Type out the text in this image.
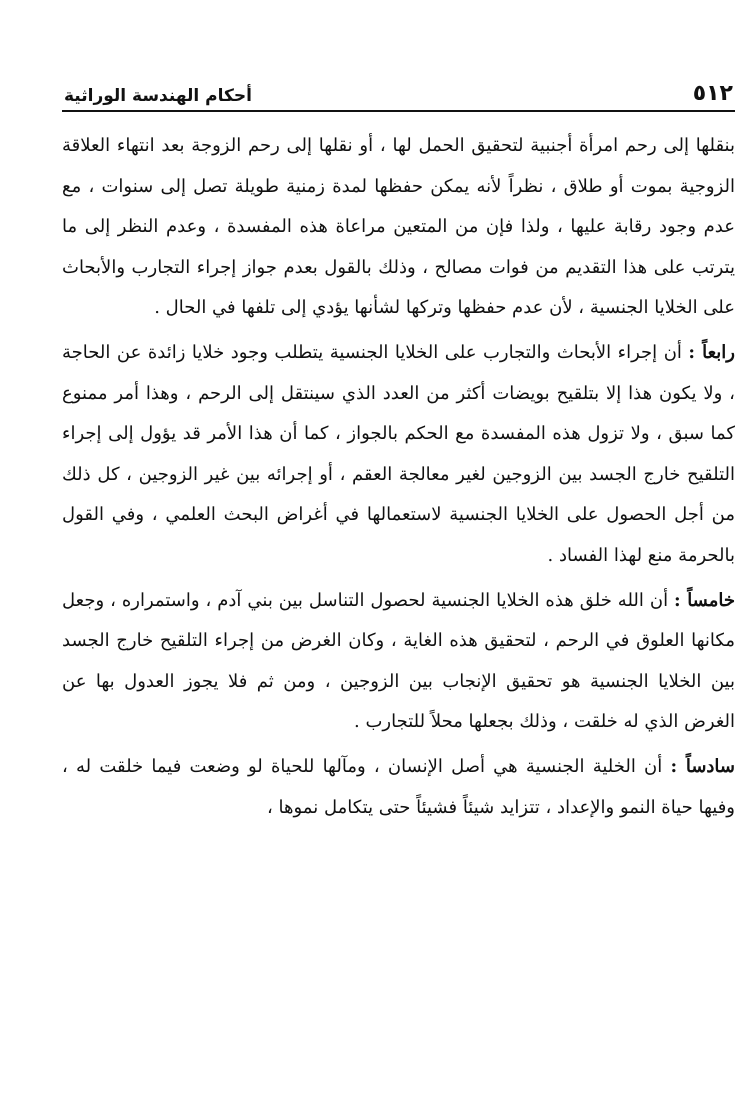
٥١٢
أحكام الهندسة الوراثية

بنقلها إلى رحم امرأة أجنبية لتحقيق الحمل لها ، أو نقلها إلى رحم الزوجة بعد انتهاء العلاقة الزوجية بموت أو طلاق ، نظراً لأنه يمكن حفظها لمدة زمنية طويلة تصل إلى سنوات ، مع عدم وجود رقابة عليها ، ولذا فإن من المتعين مراعاة هذه المفسدة ، وعدم النظر إلى ما يترتب على هذا التقديم من فوات مصالح ، وذلك بالقول بعدم جواز إجراء التجارب والأبحاث على الخلايا الجنسية ، لأن عدم حفظها وتركها لشأنها يؤدي إلى تلفها في الحال .

رابعاً : أن إجراء الأبحاث والتجارب على الخلايا الجنسية يتطلب وجود خلايا زائدة عن الحاجة ، ولا يكون هذا إلا بتلقيح بويضات أكثر من العدد الذي سينتقل إلى الرحم ، وهذا أمر ممنوع كما سبق ، ولا تزول هذه المفسدة مع الحكم بالجواز ، كما أن هذا الأمر قد يؤول إلى إجراء التلقيح خارج الجسد بين الزوجين لغير معالجة العقم ، أو إجرائه بين غير الزوجين ، كل ذلك من أجل الحصول على الخلايا الجنسية لاستعمالها في أغراض البحث العلمي ، وفي القول بالحرمة منع لهذا الفساد .

خامساً : أن الله خلق هذه الخلايا الجنسية لحصول التناسل بين بني آدم ، واستمراره ، وجعل مكانها العلوق في الرحم ، لتحقيق هذه الغاية ، وكان الغرض من إجراء التلقيح خارج الجسد بين الخلايا الجنسية هو تحقيق الإنجاب بين الزوجين ، ومن ثم فلا يجوز العدول بها عن الغرض الذي له خلقت ، وذلك بجعلها محلاً للتجارب .

سادساً : أن الخلية الجنسية هي أصل الإنسان ، ومآلها للحياة لو وضعت فيما خلقت له ، وفيها حياة النمو والإعداد ، تتزايد شيئاً فشيئاً حتى يتكامل نموها ،
